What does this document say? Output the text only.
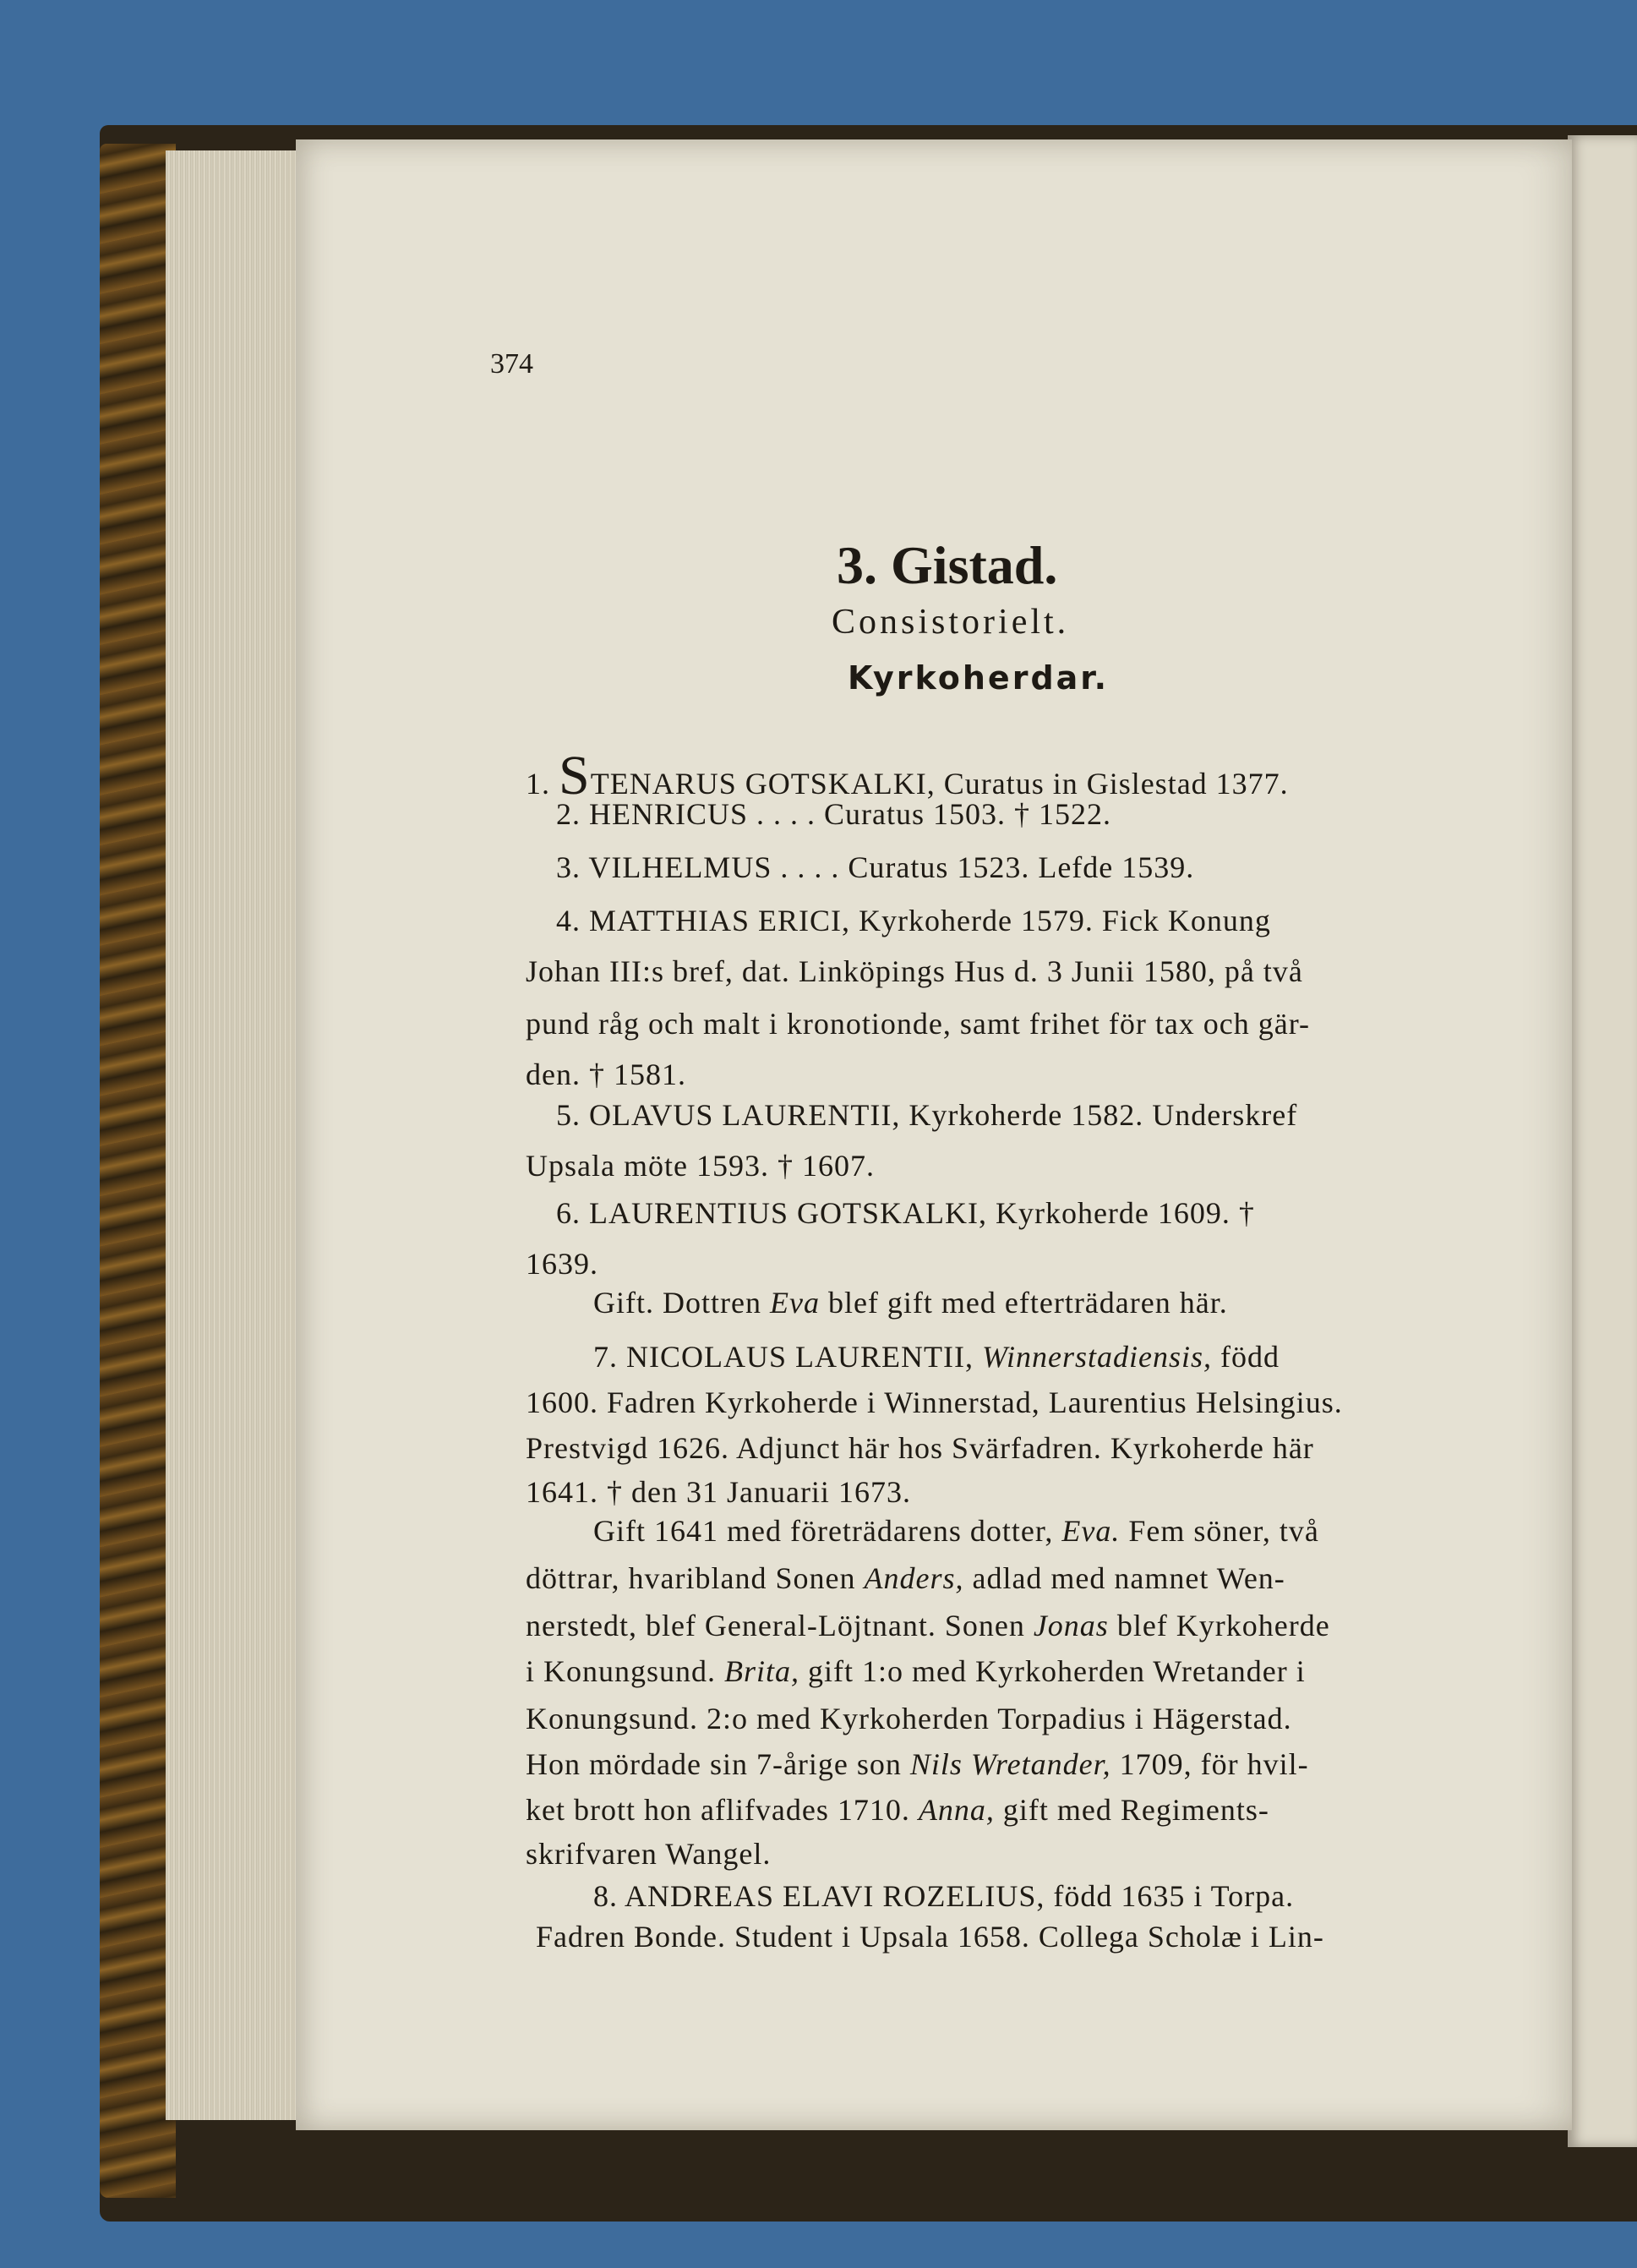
374
3. Gistad.
Consistorielt.
Kyrkoherdar.
1. STENARUS GOTSKALKI, Curatus in Gislestad 1377.
2. HENRICUS . . . . Curatus 1503. † 1522.
3. VILHELMUS . . . . Curatus 1523. Lefde 1539.
4. MATTHIAS ERICI, Kyrkoherde 1579. Fick Konung
Johan III:s bref, dat. Linköpings Hus d. 3 Junii 1580, på två
pund råg och malt i kronotionde, samt frihet för tax och gär-
den. † 1581.
5. OLAVUS LAURENTII, Kyrkoherde 1582. Underskref
Upsala möte 1593. † 1607.
6. LAURENTIUS GOTSKALKI, Kyrkoherde 1609. †
1639.
Gift. Dottren Eva blef gift med efterträdaren här.
7. NICOLAUS LAURENTII, Winnerstadiensis, född
1600. Fadren Kyrkoherde i Winnerstad, Laurentius Helsingius.
Prestvigd 1626. Adjunct här hos Svärfadren. Kyrkoherde här
1641. † den 31 Januarii 1673.
Gift 1641 med företrädarens dotter, Eva. Fem söner, två
döttrar, hvaribland Sonen Anders, adlad med namnet Wen-
nerstedt, blef General-Löjtnant. Sonen Jonas blef Kyrkoherde
i Konungsund. Brita, gift 1:o med Kyrkoherden Wretander i
Konungsund. 2:o med Kyrkoherden Torpadius i Hägerstad.
Hon mördade sin 7-årige son Nils Wretander, 1709, för hvil-
ket brott hon aflifvades 1710. Anna, gift med Regiments-
skrifvaren Wangel.
8. ANDREAS ELAVI ROZELIUS, född 1635 i Torpa.
Fadren Bonde. Student i Upsala 1658. Collega Scholæ i Lin-
